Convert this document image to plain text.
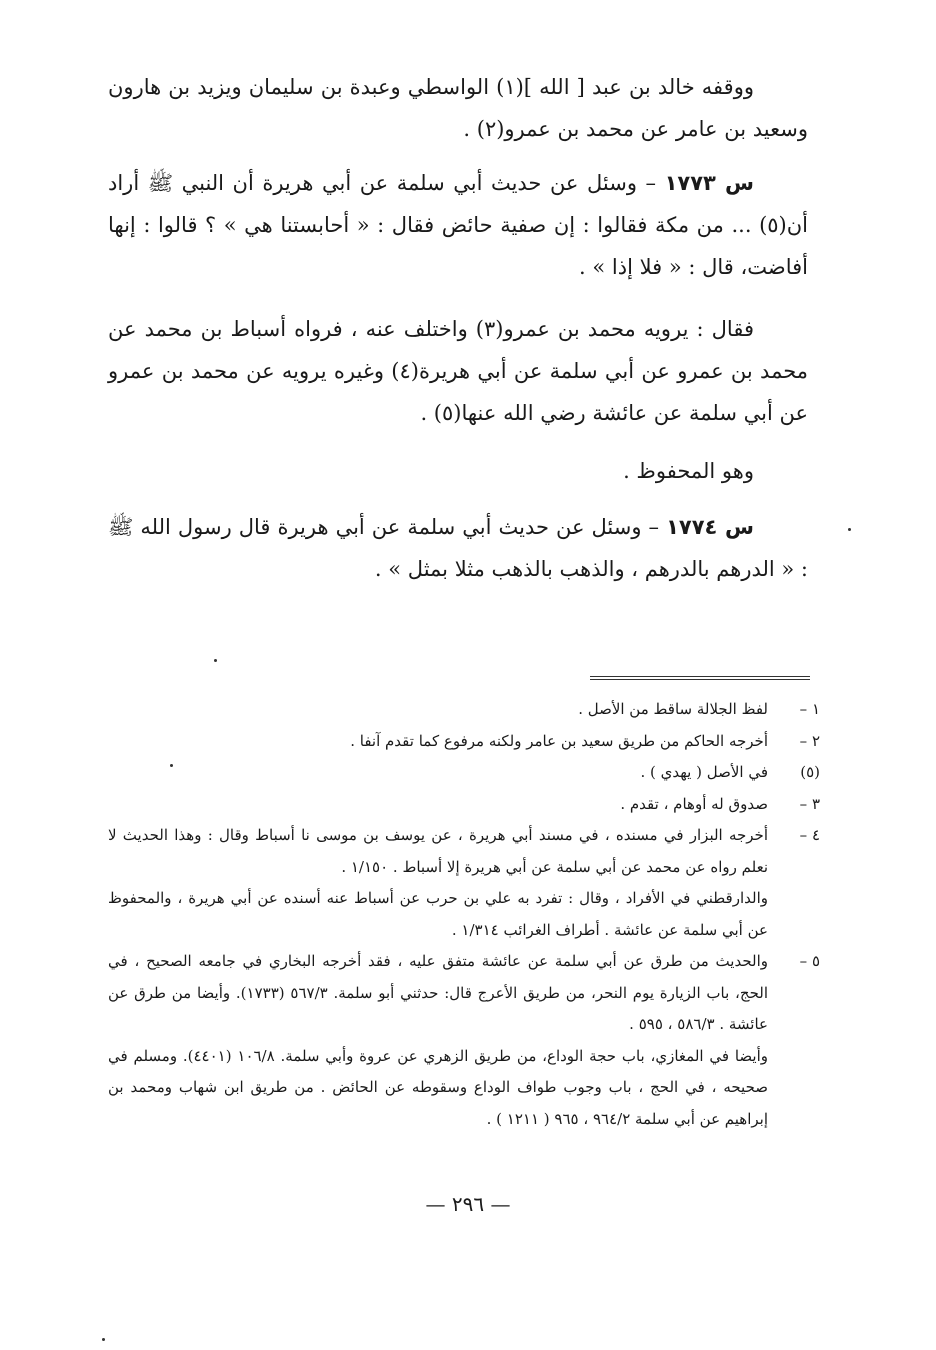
ووقفه خالد بن عبد [ الله ](١) الواسطي وعبدة بن سليمان ويزيد بن هارون وسعيد بن عامر عن محمد بن عمرو(٢) .
س ١٧٧٣ – وسئل عن حديث أبي سلمة عن أبي هريرة أن النبي ﷺ أراد أن(٥) ... من مكة فقالوا : إن صفية حائض فقال : « أحابستنا هي » ؟ قالوا : إنها أفاضت، قال : « فلا إذا » .
فقال : يرويه محمد بن عمرو(٣) واختلف عنه ، فرواه أسباط بن محمد عن محمد بن عمرو عن أبي سلمة عن أبي هريرة(٤) وغيره يرويه عن محمد بن عمرو عن أبي سلمة عن عائشة رضي الله عنها(٥) .
وهو المحفوظ .
س ١٧٧٤ – وسئل عن حديث أبي سلمة عن أبي هريرة قال رسول الله ﷺ : « الدرهم بالدرهم ، والذهب بالذهب مثلا بمثل » .
١ –
لفظ الجلالة ساقط من الأصل .
٢ –
أخرجه الحاكم من طريق سعيد بن عامر ولكنه مرفوع كما تقدم آنفا .
(٥)
في الأصل ( يهدي ) .
٣ –
صدوق له أوهام ، تقدم .
٤ –
أخرجه البزار في مسنده ، في مسند أبي هريرة ، عن يوسف بن موسى نا أسباط وقال : وهذا الحديث لا نعلم رواه عن محمد عن أبي سلمة عن أبي هريرة إلا أسباط . ١/١٥٠ .
والدارقطني في الأفراد ، وقال : تفرد به علي بن حرب عن أسباط عنه أسنده عن أبي هريرة ، والمحفوظ عن أبي سلمة عن عائشة . أطراف الغرائب ١/٣١٤ .
٥ –
والحديث من طرق عن أبي سلمة عن عائشة متفق عليه ، فقد أخرجه البخاري في جامعه الصحيح ، في الحج، باب الزيارة يوم النحر، من طريق الأعرج قال: حدثني أبو سلمة. ٥٦٧/٣ (١٧٣٣). وأيضا من طرق عن عائشة . ٥٨٦/٣ ، ٥٩٥ .
وأيضا في المغازي، باب حجة الوداع، من طريق الزهري عن عروة وأبي سلمة. ١٠٦/٨ (٤٤٠١). ومسلم في صحيحه ، في الحج ، باب وجوب طواف الوداع وسقوطه عن الحائض . من طريق ابن شهاب ومحمد بن إبراهيم عن أبي سلمة ٩٦٤/٢ ، ٩٦٥ ( ١٢١١ ) .
— ٢٩٦ —
